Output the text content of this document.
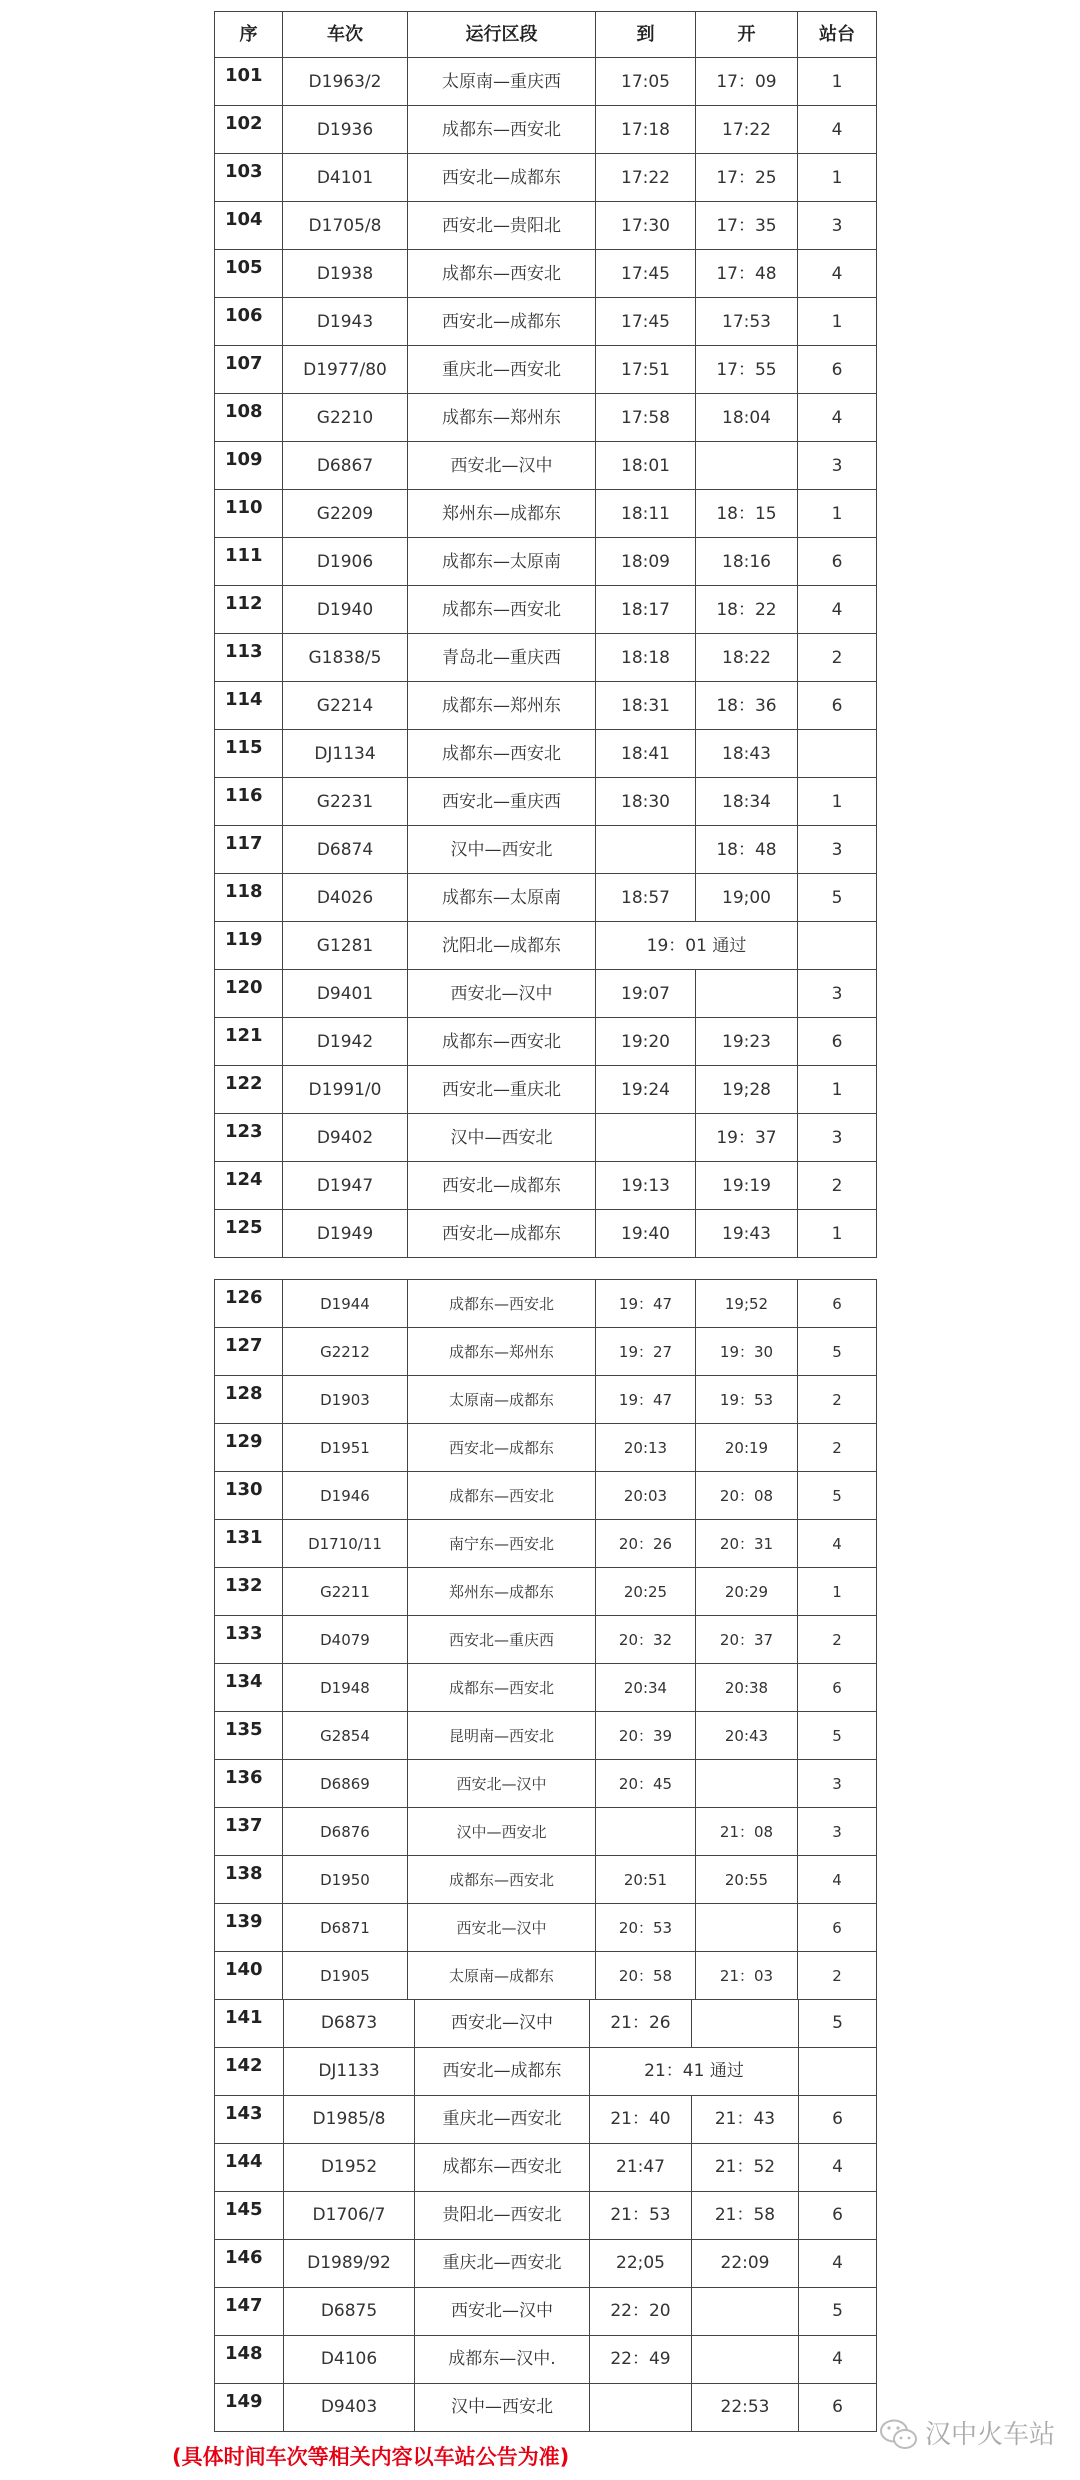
序	车次	运行区段	到	开	站台
101	D1963/2	太原南—重庆西	17:05	17：09	1
102	D1936	成都东—西安北	17:18	17:22	4
103	D4101	西安北—成都东	17:22	17：25	1
104	D1705/8	西安北—贵阳北	17:30	17：35	3
105	D1938	成都东—西安北	17:45	17：48	4
106	D1943	西安北—成都东	17:45	17:53	1
107	D1977/80	重庆北—西安北	17:51	17：55	6
108	G2210	成都东—郑州东	17:58	18:04	4
109	D6867	西安北—汉中	18:01		3
110	G2209	郑州东—成都东	18:11	18：15	1
111	D1906	成都东—太原南	18:09	18:16	6
112	D1940	成都东—西安北	18:17	18：22	4
113	G1838/5	青岛北—重庆西	18:18	18:22	2
114	G2214	成都东—郑州东	18:31	18：36	6
115	DJ1134	成都东—西安北	18:41	18:43	
116	G2231	西安北—重庆西	18:30	18:34	1
117	D6874	汉中—西安北		18：48	3
118	D4026	成都东—太原南	18:57	19;00	5
119	G1281	沈阳北—成都东	19：01 通过		
120	D9401	西安北—汉中	19:07		3
121	D1942	成都东—西安北	19:20	19:23	6
122	D1991/0	西安北—重庆北	19:24	19;28	1
123	D9402	汉中—西安北		19：37	3
124	D1947	西安北—成都东	19:13	19:19	2
125	D1949	西安北—成都东	19:40	19:43	1
126	D1944	成都东—西安北	19：47	19;52	6
127	G2212	成都东—郑州东	19：27	19：30	5
128	D1903	太原南—成都东	19：47	19：53	2
129	D1951	西安北—成都东	20:13	20:19	2
130	D1946	成都东—西安北	20:03	20：08	5
131	D1710/11	南宁东—西安北	20：26	20：31	4
132	G2211	郑州东—成都东	20:25	20:29	1
133	D4079	西安北—重庆西	20：32	20：37	2
134	D1948	成都东—西安北	20:34	20:38	6
135	G2854	昆明南—西安北	20：39	20:43	5
136	D6869	西安北—汉中	20：45		3
137	D6876	汉中—西安北		21：08	3
138	D1950	成都东—西安北	20:51	20:55	4
139	D6871	西安北—汉中	20：53		6
140	D1905	太原南—成都东	20：58	21：03	2
141	D6873	西安北—汉中	21：26		5
142	DJ1133	西安北—成都东	21：41 通过		
143	D1985/8	重庆北—西安北	21：40	21：43	6
144	D1952	成都东—西安北	21:47	21：52	4
145	D1706/7	贵阳北—西安北	21：53	21：58	6
146	D1989/92	重庆北—西安北	22;05	22:09	4
147	D6875	西安北—汉中	22：20		5
148	D4106	成都东—汉中.	22：49		4
149	D9403	汉中—西安北		22:53	6
汉中火车站
(具体时间车次等相关内容以车站公告为准)
